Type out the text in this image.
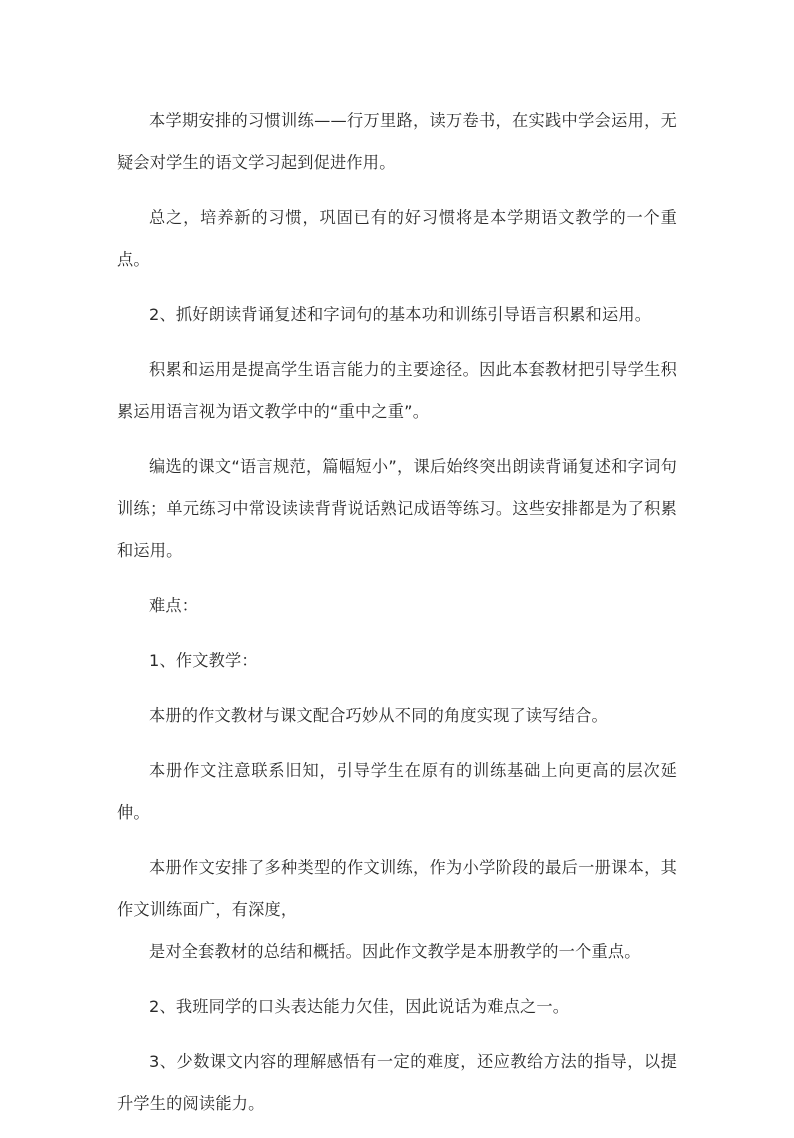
本学期安排的习惯训练——行万里路，读万卷书，在实践中学会运用，无疑会对学生的语文学习起到促进作用。

总之，培养新的习惯，巩固已有的好习惯将是本学期语文教学的一个重点。

2、抓好朗读背诵复述和字词句的基本功和训练引导语言积累和运用。

积累和运用是提高学生语言能力的主要途径。因此本套教材把引导学生积累运用语言视为语文教学中的“重中之重”。

编选的课文“语言规范，篇幅短小”，课后始终突出朗读背诵复述和字词句训练；单元练习中常设读读背背说话熟记成语等练习。这些安排都是为了积累和运用。

难点：

1、作文教学：

本册的作文教材与课文配合巧妙从不同的角度实现了读写结合。

本册作文注意联系旧知，引导学生在原有的训练基础上向更高的层次延伸。

本册作文安排了多种类型的作文训练，作为小学阶段的最后一册课本，其作文训练面广，有深度，

是对全套教材的总结和概括。因此作文教学是本册教学的一个重点。

2、我班同学的口头表达能力欠佳，因此说话为难点之一。

3、少数课文内容的理解感悟有一定的难度，还应教给方法的指导，以提升学生的阅读能力。
